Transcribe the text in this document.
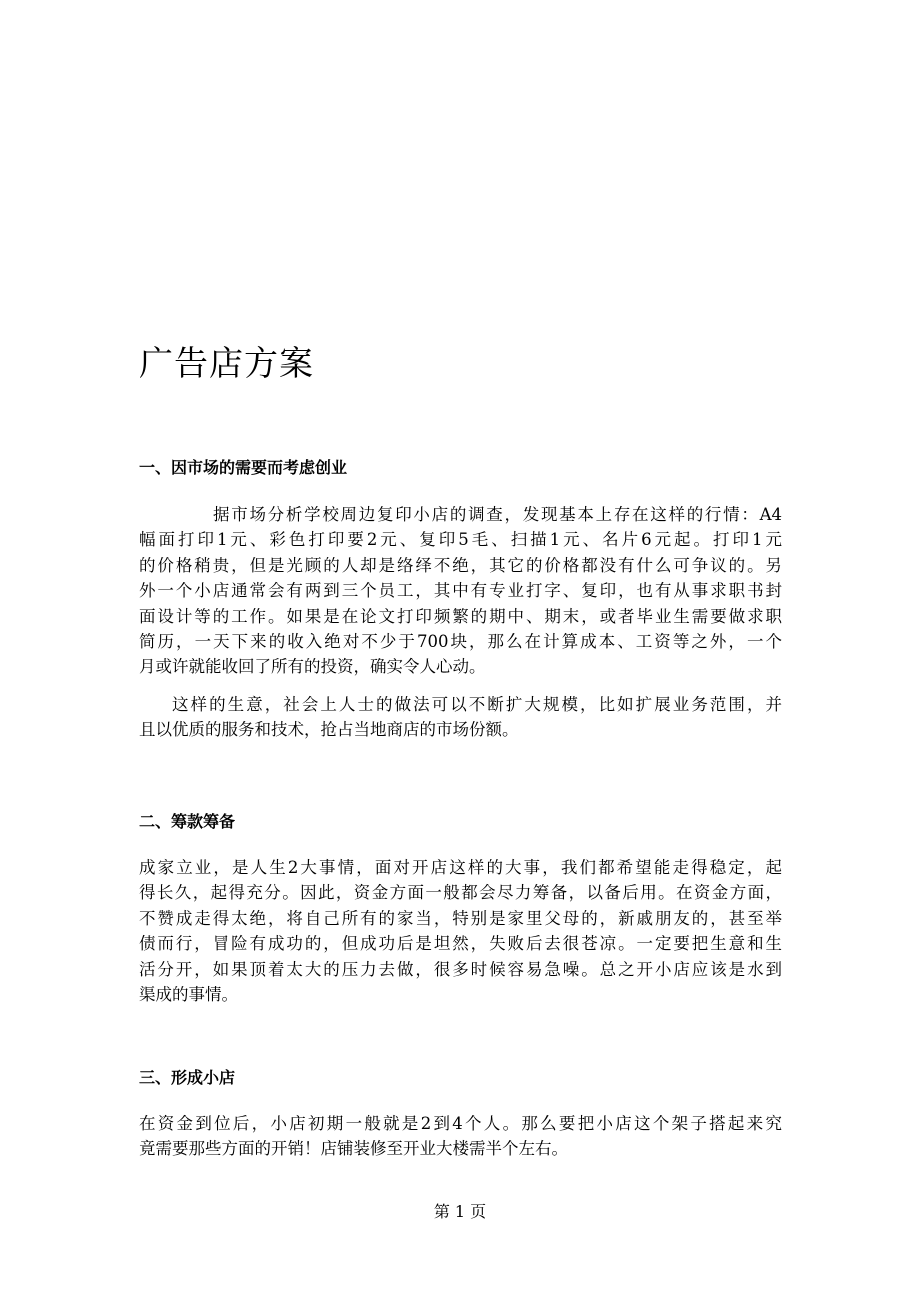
广告店方案
一、因市场的需要而考虑创业
据市场分析学校周边复印小店的调查，发现基本上存在这样的行情：A4
幅面打印1元、彩色打印要2元、复印5毛、扫描1元、名片6元起。打印1元
的价格稍贵，但是光顾的人却是络绎不绝，其它的价格都没有什么可争议的。另
外一个小店通常会有两到三个员工，其中有专业打字、复印，也有从事求职书封
面设计等的工作。如果是在论文打印频繁的期中、期末，或者毕业生需要做求职
简历，一天下来的收入绝对不少于700块，那么在计算成本、工资等之外，一个
月或许就能收回了所有的投资，确实令人心动。
这样的生意，社会上人士的做法可以不断扩大规模，比如扩展业务范围，并
且以优质的服务和技术，抢占当地商店的市场份额。
二、筹款筹备
成家立业，是人生2大事情，面对开店这样的大事，我们都希望能走得稳定，起
得长久，起得充分。因此，资金方面一般都会尽力筹备，以备后用。在资金方面，
不赞成走得太绝，将自己所有的家当，特别是家里父母的，新戚朋友的，甚至举
债而行，冒险有成功的，但成功后是坦然，失败后去很苍凉。一定要把生意和生
活分开，如果顶着太大的压力去做，很多时候容易急噪。总之开小店应该是水到
渠成的事情。
三、形成小店
在资金到位后，小店初期一般就是2到4个人。那么要把小店这个架子搭起来究
竟需要那些方面的开销！店铺装修至开业大楼需半个左右。
第 1 页
